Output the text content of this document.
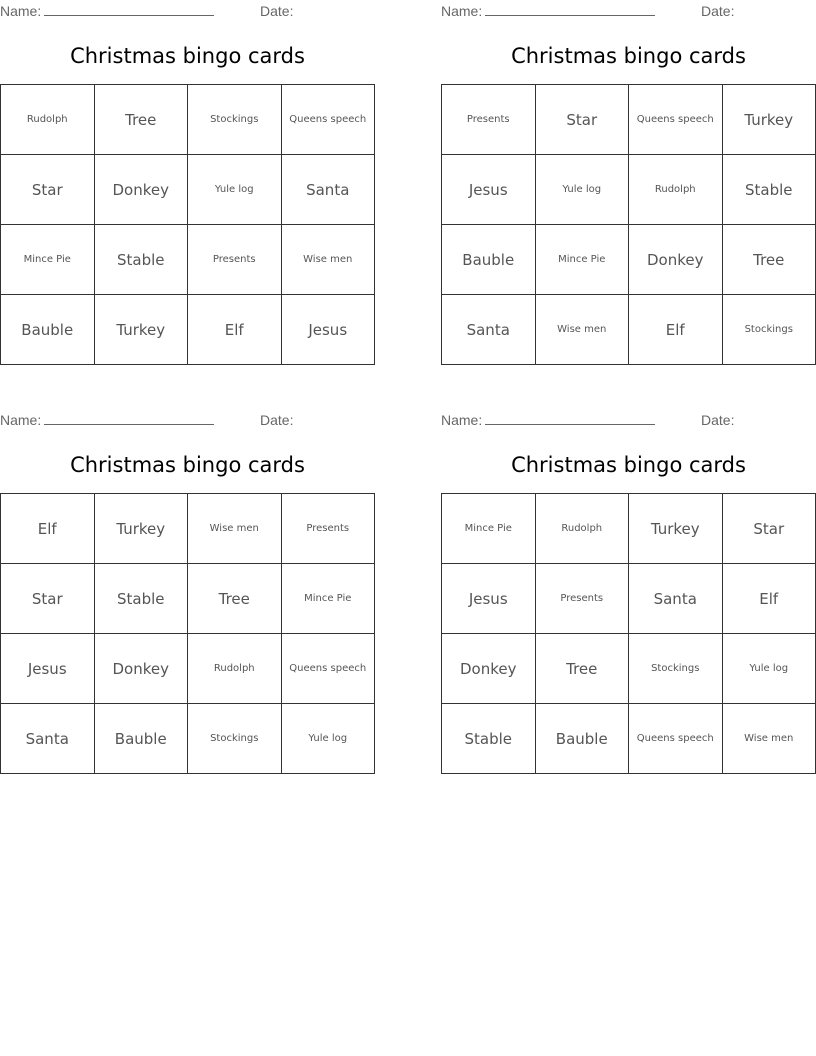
Name:	Date:
Christmas bingo cards
Rudolph	Tree	Stockings	Queens speech
Star	Donkey	Yule log	Santa
Mince Pie	Stable	Presents	Wise men
Bauble	Turkey	Elf	Jesus
Name:	Date:
Christmas bingo cards
Presents	Star	Queens speech	Turkey
Jesus	Yule log	Rudolph	Stable
Bauble	Mince Pie	Donkey	Tree
Santa	Wise men	Elf	Stockings
Name:	Date:
Christmas bingo cards
Elf	Turkey	Wise men	Presents
Star	Stable	Tree	Mince Pie
Jesus	Donkey	Rudolph	Queens speech
Santa	Bauble	Stockings	Yule log
Name:	Date:
Christmas bingo cards
Mince Pie	Rudolph	Turkey	Star
Jesus	Presents	Santa	Elf
Donkey	Tree	Stockings	Yule log
Stable	Bauble	Queens speech	Wise men
